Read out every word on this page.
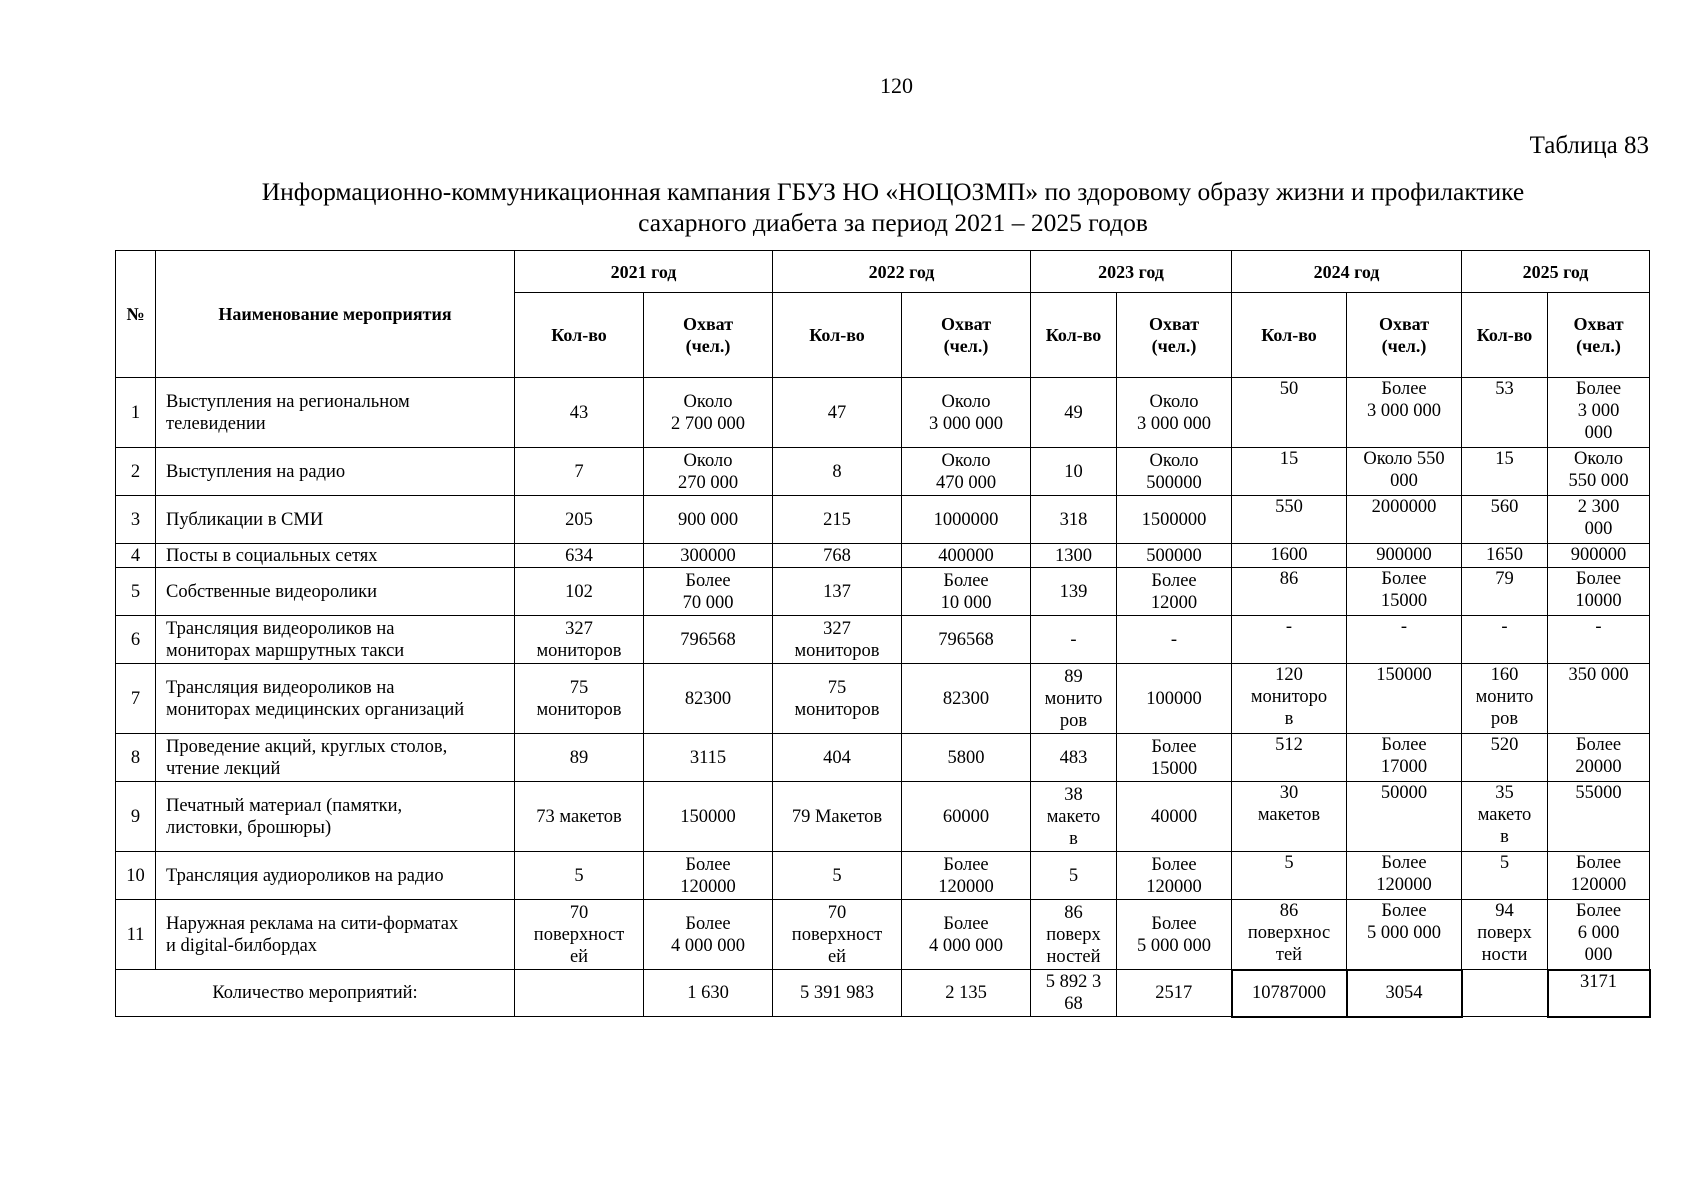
120
Таблица 83
Информационно-коммуникационная кампания ГБУЗ НО «НОЦОЗМП» по здоровому образу жизни и профилактике
сахарного диабета за период 2021 – 2025 годов
№	Наименование мероприятия	2021 год		2022 год		2023 год		2024 год		2025 год	
		Кол-во	Охват
(чел.)	Кол-во	Охват
(чел.)	Кол-во	Охват
(чел.)	Кол-во	Охват
(чел.)	Кол-во	Охват
(чел.)
1	Выступления на региональном
телевидении	43	Около
2 700 000	47	Около
3 000 000	49	Около
3 000 000	50	Более
3 000 000	53	Более
3 000
000
2	Выступления на радио	7	Около
270 000	8	Около
470 000	10	Около
500000	15	Около 550
000	15	Около
550 000
3	Публикации в СМИ	205	900 000	215	1000000	318	1500000	550	2000000	560	2 300
000
4	Посты в социальных сетях	634	300000	768	400000	1300	500000	1600	900000	1650	900000
5	Собственные видеоролики	102	Более
70 000	137	Более
10 000	139	Более
12000	86	Более
15000	79	Более
10000
6	Трансляция видеороликов на
мониторах маршрутных такси	327
мониторов	796568	327
мониторов	796568	-	-	-	-	-	-
7	Трансляция видеороликов на
мониторах медицинских организаций	75
мониторов	82300	75
мониторов	82300	89
монито
ров	100000	120
мониторо
в	150000	160
монито
ров	350 000
8	Проведение акций, круглых столов,
чтение лекций	89	3115	404	5800	483	Более
15000	512	Более
17000	520	Более
20000
9	Печатный материал (памятки,
листовки, брошюры)	73 макетов	150000	79 Макетов	60000	38
макето
в	40000	30
макетов	50000	35
макето
в	55000
10	Трансляция аудиороликов на радио	5	Более
120000	5	Более
120000	5	Более
120000	5	Более
120000	5	Более
120000
11	Наружная реклама на сити-форматах
и digital-билбордах	70
поверхност
ей	Более
4 000 000	70
поверхност
ей	Более
4 000 000	86
поверх
ностей	Более
5 000 000	86
поверхнос
тей	Более
5 000 000	94
поверх
ности	Более
6 000
000
Количество мероприятий:			1 630	5 391 983	2 135	5 892 3
68	2517	10787000	3054		3171
